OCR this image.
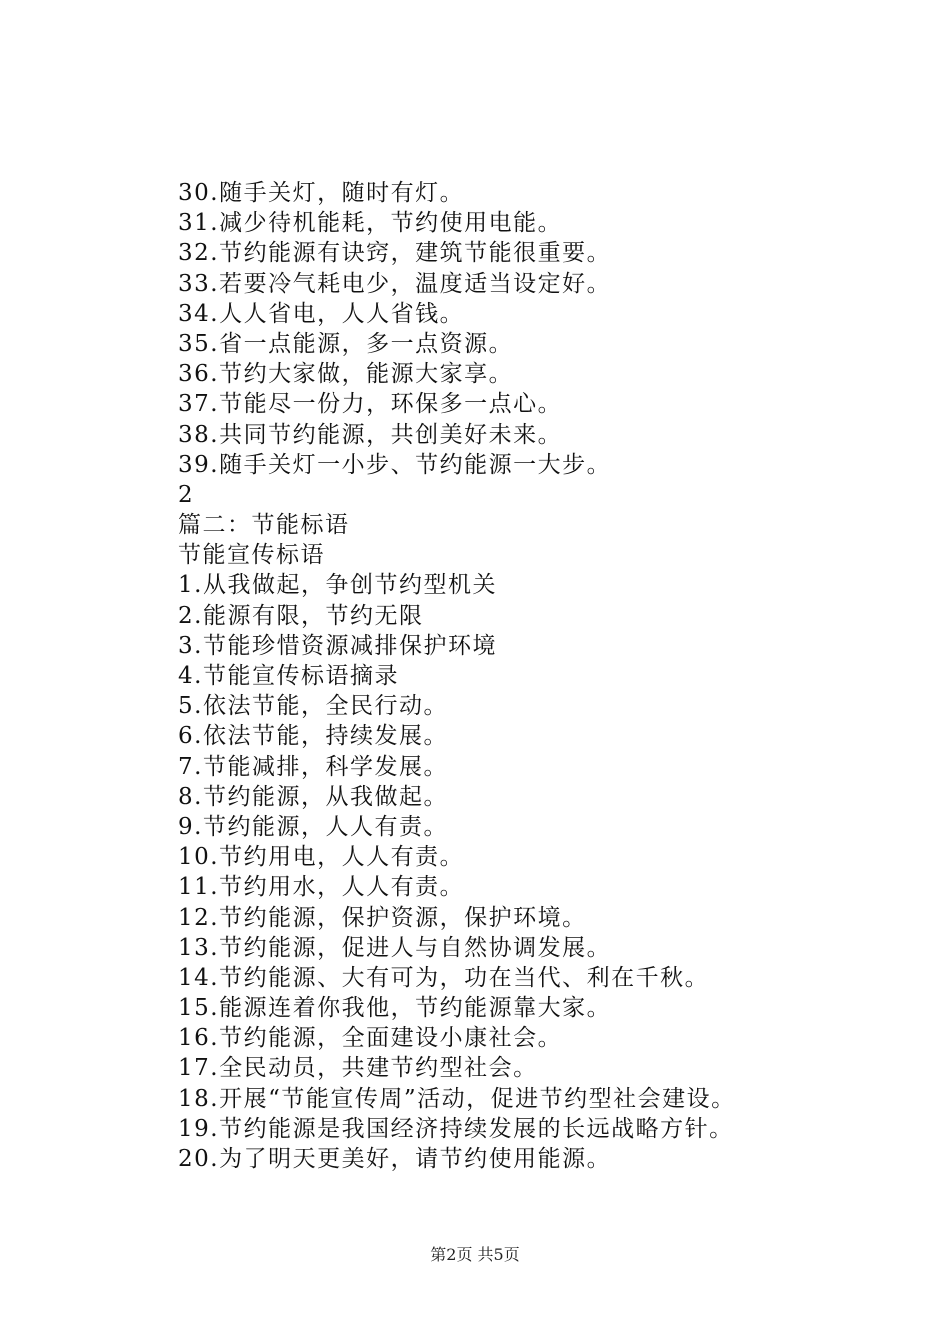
30.随手关灯，随时有灯。
31.减少待机能耗，节约使用电能。
32.节约能源有诀窍，建筑节能很重要。
33.若要冷气耗电少，温度适当设定好。
34.人人省电，人人省钱。
35.省一点能源，多一点资源。
36.节约大家做，能源大家享。
37.节能尽一份力，环保多一点心。
38.共同节约能源，共创美好未来。
39.随手关灯一小步、节约能源一大步。
2
篇二：节能标语
节能宣传标语
1.从我做起，争创节约型机关
2.能源有限，节约无限
3.节能珍惜资源减排保护环境
4.节能宣传标语摘录
5.依法节能，全民行动。
6.依法节能，持续发展。
7.节能减排，科学发展。
8.节约能源，从我做起。
9.节约能源，人人有责。
10.节约用电，人人有责。
11.节约用水，人人有责。
12.节约能源，保护资源，保护环境。
13.节约能源，促进人与自然协调发展。
14.节约能源、大有可为，功在当代、利在千秋。
15.能源连着你我他，节约能源靠大家。
16.节约能源，全面建设小康社会。
17.全民动员，共建节约型社会。
18.开展“节能宣传周”活动，促进节约型社会建设。
19.节约能源是我国经济持续发展的长远战略方针。
20.为了明天更美好，请节约使用能源。
第2页 共5页
